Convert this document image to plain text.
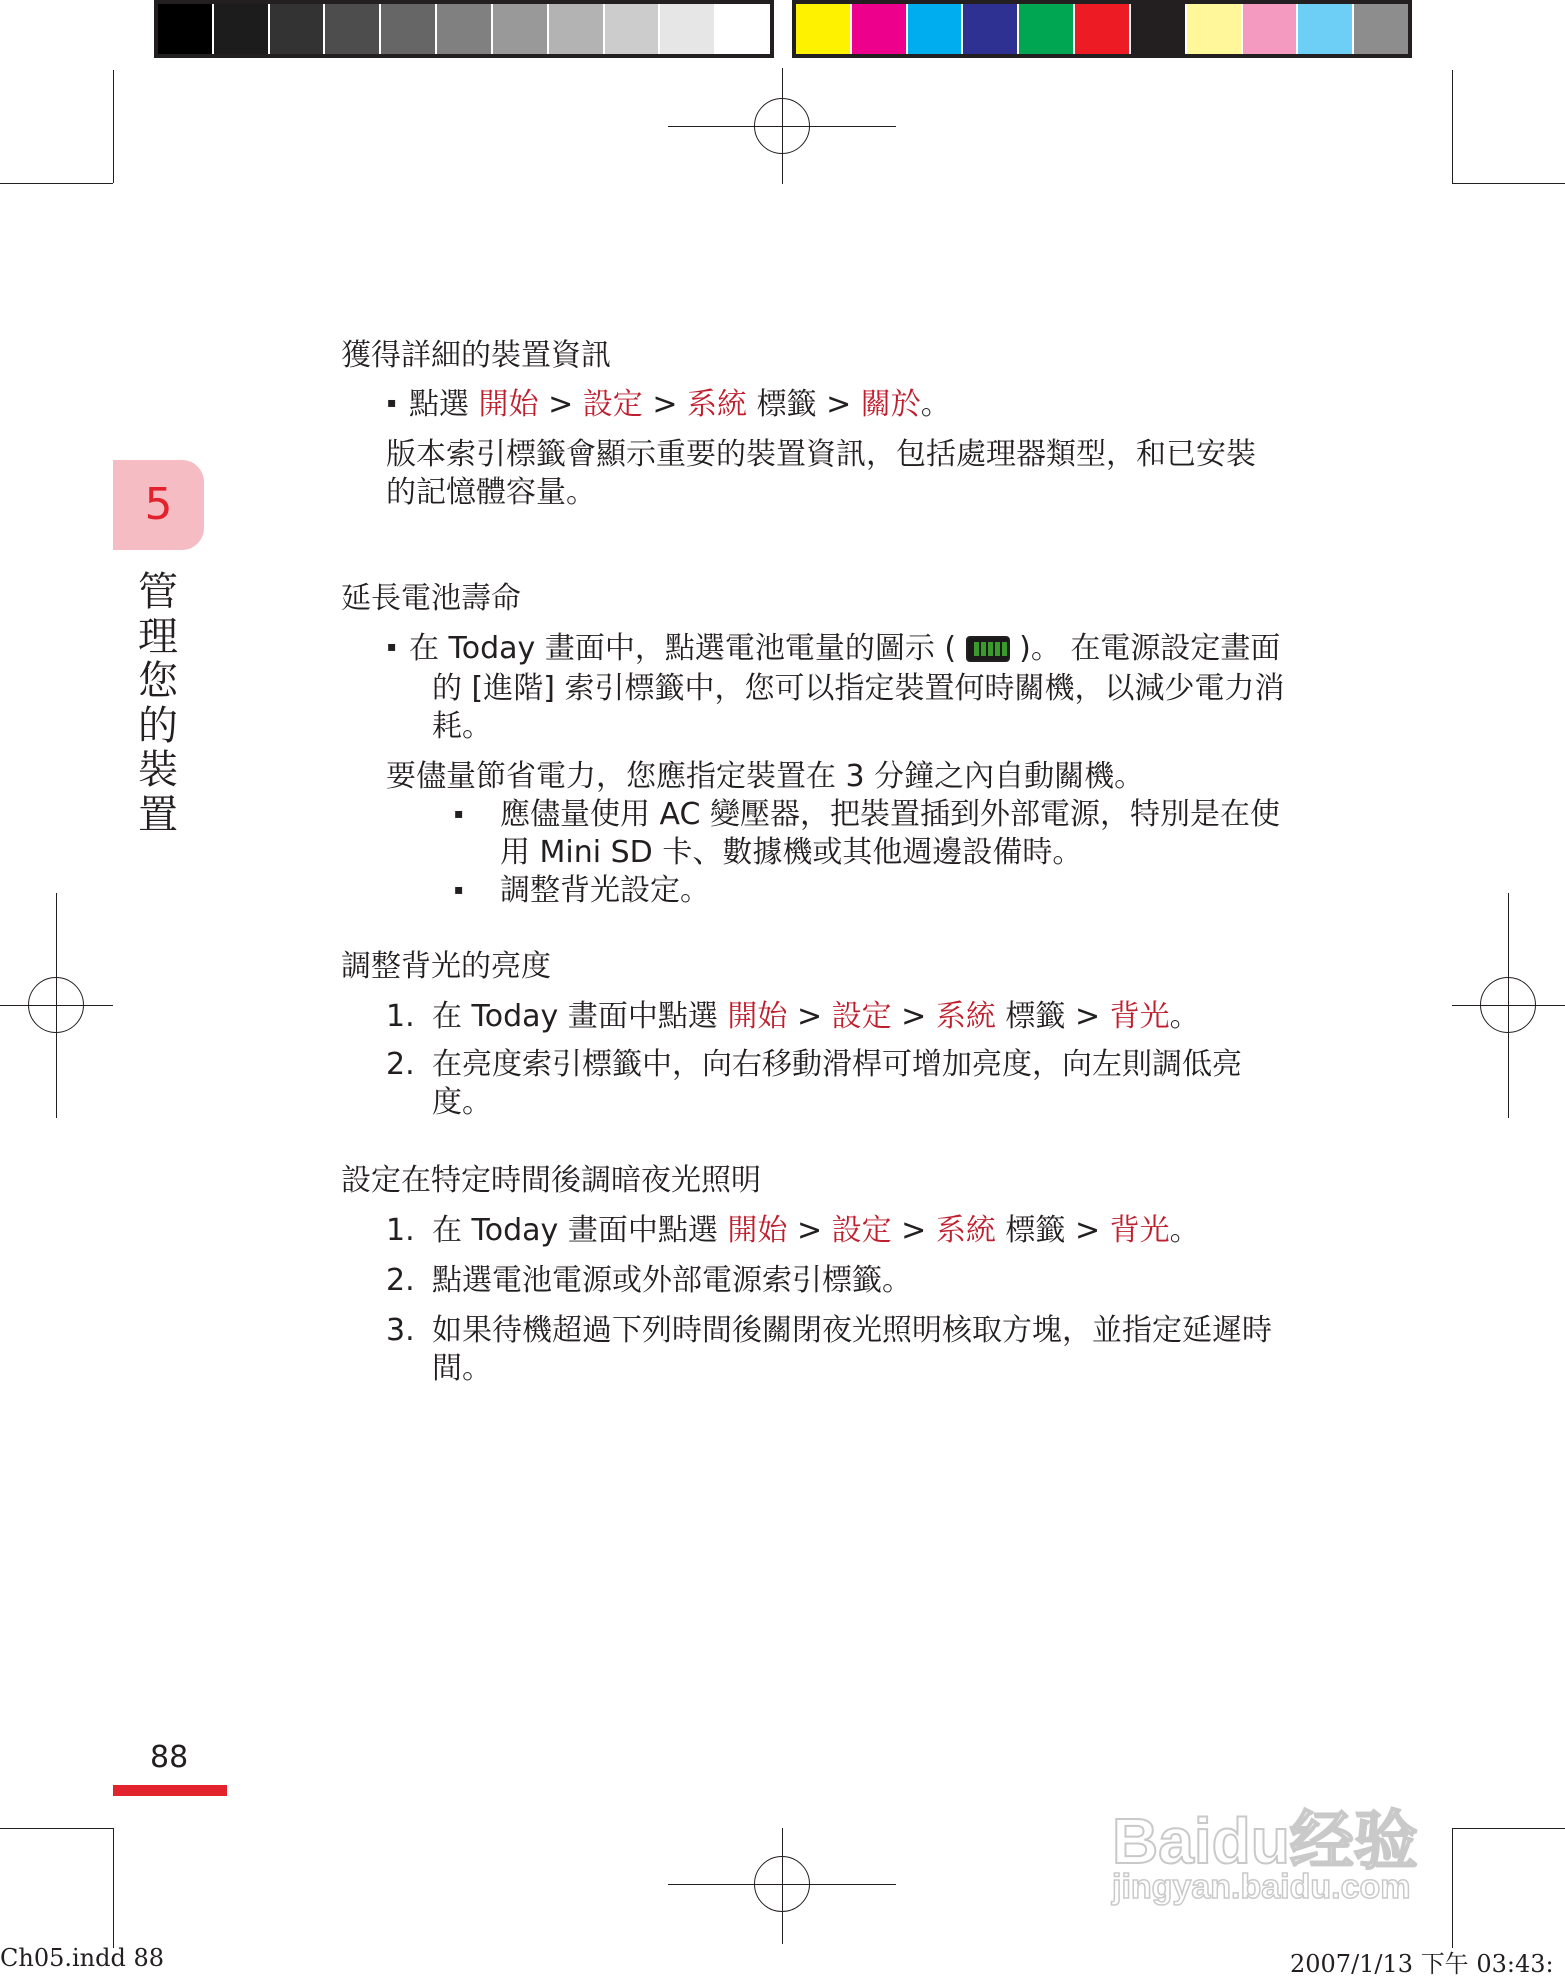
5
管
理
您
的
裝
置
獲得詳細的裝置資訊
▪ 點選 開始 > 設定 > 系統 標籤 > 關於。
版本索引標籤會顯示重要的裝置資訊，包括處理器類型，和已安裝
的記憶體容量。
延長電池壽命
▪ 在 Today 畫面中，點選電池電量的圖示 ( )。 在電源設定畫面
的 [進階] 索引標籤中，您可以指定裝置何時關機，以減少電力消
耗。
要儘量節省電力，您應指定裝置在 3 分鐘之內自動關機。
▪ 應儘量使用 AC 變壓器，把裝置插到外部電源，特別是在使
用 Mini SD 卡、數據機或其他週邊設備時。
▪ 調整背光設定。
調整背光的亮度
1. 在 Today 畫面中點選 開始 > 設定 > 系統 標籤 > 背光。
2. 在亮度索引標籤中，向右移動滑桿可增加亮度，向左則調低亮
度。
設定在特定時間後調暗夜光照明
1. 在 Today 畫面中點選 開始 > 設定 > 系統 標籤 > 背光。
2. 點選電池電源或外部電源索引標籤。
3. 如果待機超過下列時間後關閉夜光照明核取方塊，並指定延遲時
間。
88
Baidu经验
jingyan.baidu.com
Ch05.indd 88	2007/1/13 下午 03:43:
